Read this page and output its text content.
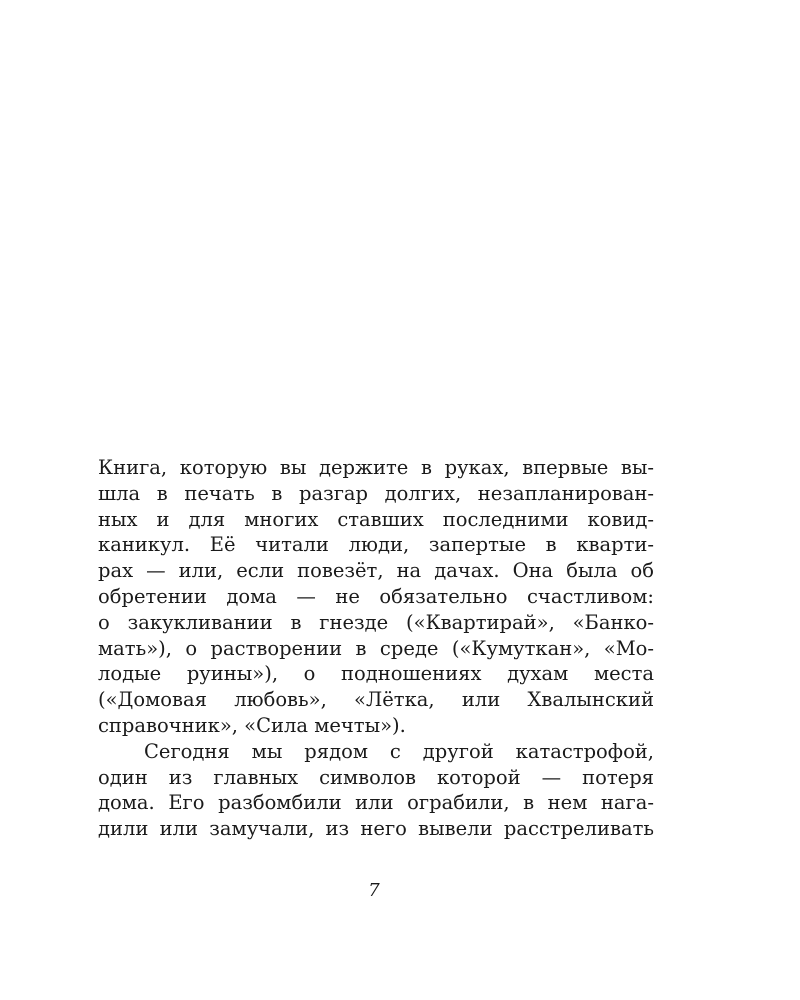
Книга, которую вы держите в руках, впервые вы-
шла в печать в разгар долгих, незапланирован-
ных и для многих ставших последними ковид-
каникул. Её читали люди, запертые в кварти-
рах — или, если повезёт, на дачах. Она была об
обретении дома — не обязательно счастливом:
о закукливании в гнезде («Квартирай», «Банко-
мать»), о растворении в среде («Кумуткан», «Мо-
лодые руины»), о подношениях духам места
(«Домовая любовь», «Лётка, или Хвалынский
справочник», «Сила мечты»).
Сегодня мы рядом с другой катастрофой,
один из главных символов которой — потеря
дома. Его разбомбили или ограбили, в нем нага-
дили или замучали, из него вывели расстреливать
7
